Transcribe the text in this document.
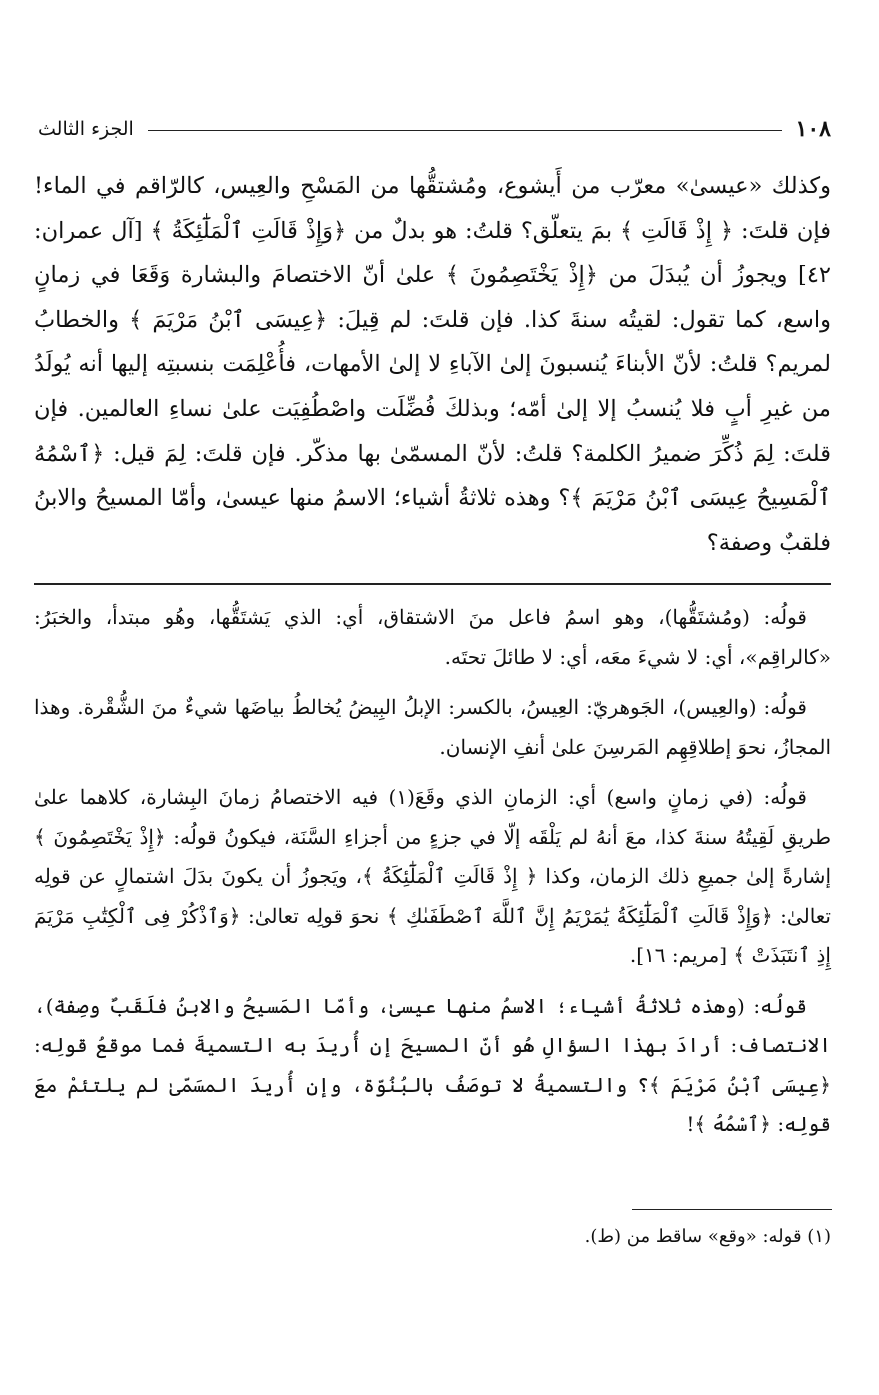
١٠٨
الجزء الثالث

وكذلك «عيسىٰ» معرّب من أَيشوع، ومُشتقُّها من المَسْحِ والعِيس، كالرّاقم في الماء! فإن قلتَ: ﴿ إِذْ قَالَتِ ﴾ بمَ يتعلّق؟ قلتُ: هو بدلٌ من ﴿وَإِذْ قَالَتِ ٱلْمَلَٰٓئِكَةُ ﴾ [آل عمران: ٤٢] ويجوزُ أن يُبدَلَ من ﴿إِذْ يَخْتَصِمُونَ ﴾ علىٰ أنّ الاختصامَ والبشارة وَقَعَا في زمانٍ واسع، كما تقول: لقيتُه سنةَ كذا. فإن قلتَ: لم قِيلَ: ﴿عِيسَى ٱبْنُ مَرْيَمَ ﴾ والخطابُ لمريم؟ قلتُ: لأنّ الأبناءَ يُنسبونَ إلىٰ الآباءِ لا إلىٰ الأمهات، فأُعْلِمَت بنسبتِه إليها أنه يُولَدُ من غيرِ أبٍ فلا يُنسبُ إلا إلىٰ أمّه؛ وبذلكَ فُضِّلَت واصْطُفِيَت علىٰ نساءِ العالمين. فإن قلتَ: لِمَ ذُكِّرَ ضميرُ الكلمة؟ قلتُ: لأنّ المسمّىٰ بها مذكّر. فإن قلتَ: لِمَ قيل: ﴿ٱسْمُهُ ٱلْمَسِيحُ عِيسَى ٱبْنُ مَرْيَمَ ﴾؟ وهذه ثلاثةُ أشياء؛ الاسمُ منها عيسىٰ، وأمّا المسيحُ والابنُ فلقبٌ وصفة؟

قولُه: (ومُشتَقُّها)، وهو اسمُ فاعل منَ الاشتقاق، أي: الذي يَشتَقُّها، وهُو مبتدأ، والخبَرُ: «كالراقِم»، أي: لا شيءَ معَه، أي: لا طائلَ تحتَه.

قولُه: (والعِيس)، الجَوهريّ: العِيسُ، بالكسر: الإبلُ البِيضُ يُخالطُ بياضَها شيءٌ منَ الشُّقْرة. وهذا المجازُ، نحوَ إطلاقِهِم المَرسِنَ علىٰ أنفِ الإنسان.

قولُه: (في زمانٍ واسع) أي: الزمانِ الذي وقَعَ(١) فيه الاختصامُ زمانَ البِشارة، كلاهما علىٰ طريقِ لَقِيتُهُ سنةَ كذا، معَ أنهُ لم يَلْقَه إلّا في جزءٍ من أجزاءِ السَّنَة، فيكونُ قولُه: ﴿إِذْ يَخْتَصِمُونَ ﴾ إشارةً إلىٰ جميعِ ذلك الزمان، وكذا ﴿ إِذْ قَالَتِ ٱلْمَلَٰٓئِكَةُ ﴾، ويَجوزُ أن يكونَ بدَلَ اشتمالٍ عن قولِه تعالىٰ: ﴿وَإِذْ قَالَتِ ٱلْمَلَٰٓئِكَةُ يَٰمَرْيَمُ إِنَّ ٱللَّهَ ٱصْطَفَىٰكِ ﴾ نحوَ قولِه تعالىٰ: ﴿وَٱذْكُرْ فِى ٱلْكِتَٰبِ مَرْيَمَ إِذِ ٱنتَبَذَتْ ﴾ [مريم: ١٦].

قولُه: (وهذه ثلاثةُ أشياء؛ الاسمُ منها عيسىٰ، وأمّا المَسيحُ والابنُ فلَقَبٌ وصِفة)، الانتصاف: أرادَ بهذا السؤالِ هُو أنّ المسيحَ إن أُريدَ به التسميةَ فما موقعُ قولِه: ﴿عِيسَى ٱبْنُ مَرْيَمَ ﴾؟ والتسميةُ لا توصَفُ بالبُنُوّة، وإن أُريدَ المسَمّىٰ لم يلتئمْ معَ قولِه: ﴿ٱسْمُهُ ﴾!

(١) قوله: «وقع» ساقط من (ط).
